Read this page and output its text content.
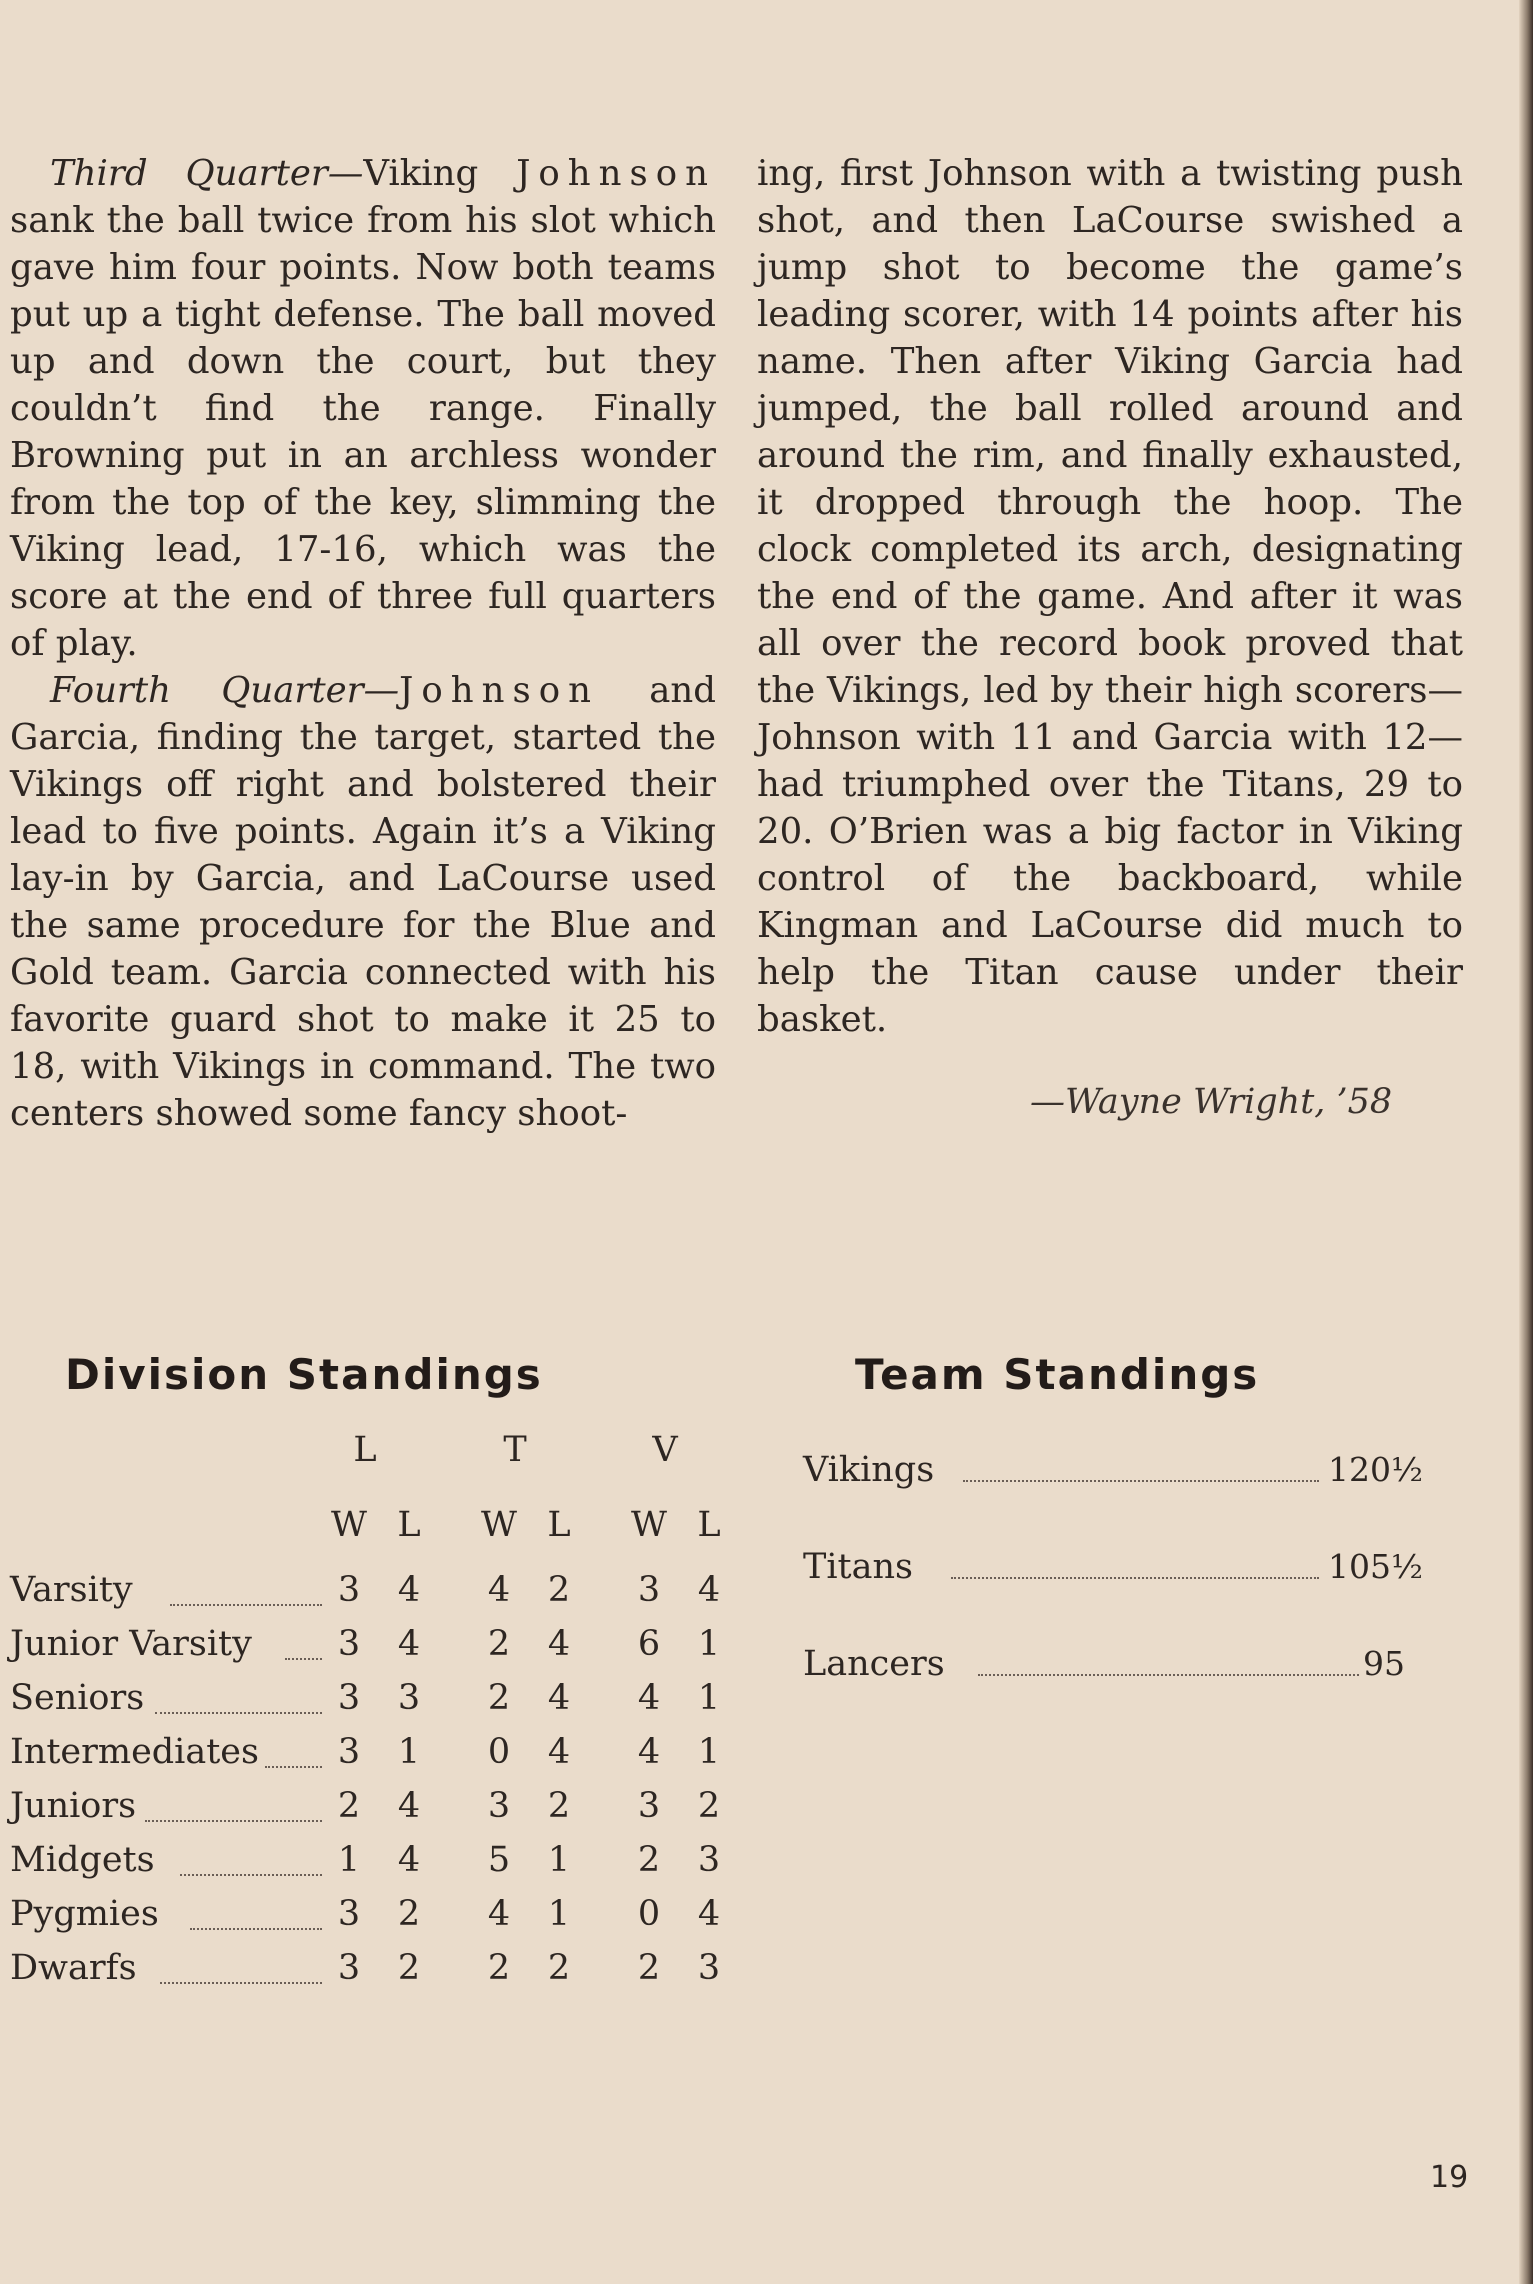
Third Quarter—Viking Johnson sank the ball twice from his slot which gave him four points. Now both teams put up a tight defense. The ball moved up and down the court, but they couldn’t find the range. Finally Browning put in an archless wonder from the top of the key, slimming the Viking lead, 17-16, which was the score at the end of three full quarters of play.

Fourth Quarter—Johnson and Garcia, finding the target, started the Vikings off right and bolstered their lead to five points. Again it’s a Viking lay-in by Garcia, and LaCourse used the same procedure for the Blue and Gold team. Garcia connected with his favorite guard shot to make it 25 to 18, with Vikings in command. The two centers showed some fancy shoot-

ing, first Johnson with a twisting push shot, and then LaCourse swished a jump shot to become the game’s leading scorer, with 14 points after his name. Then after Viking Garcia had jumped, the ball rolled around and around the rim, and finally exhausted, it dropped through the hoop. The clock completed its arch, designating the end of the game. And after it was all over the record book proved that the Vikings, led by their high scorers—Johnson with 11 and Garcia with 12—had triumphed over the Titans, 29 to 20. O’Brien was a big factor in Viking control of the backboard, while Kingman and LaCourse did much to help the Titan cause under their basket.

—Wayne Wright, ’58
Division Standings	Team Standings
L	T	V
W L W L W L
Varsity	3	4	4	2	3	4
Junior Varsity	3	4	2	4	6	1
Seniors	3	3	2	4	4	1
Intermediates	3	1	0	4	4	1
Juniors	2	4	3	2	3	2
Midgets	1	4	5	1	2	3
Pygmies	3	2	4	1	0	4
Dwarfs	3	2	2	2	2	3
Vikings	120½
Titans	105½
Lancers	95
19
